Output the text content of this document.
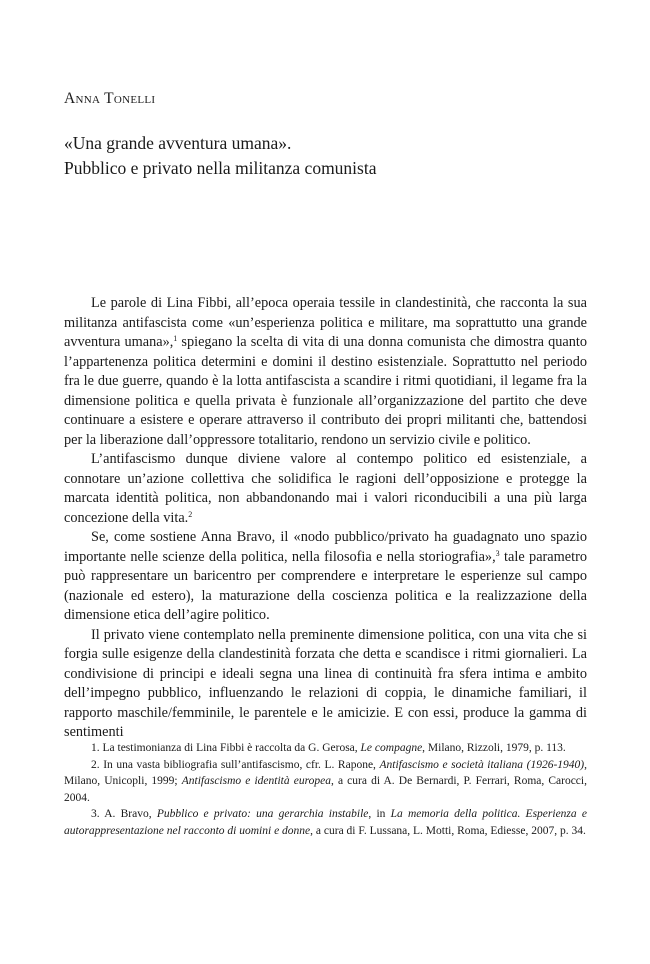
Anna Tonelli
«Una grande avventura umana».
Pubblico e privato nella militanza comunista

Le parole di Lina Fibbi, all’epoca operaia tessile in clandestinità, che racconta la sua militanza antifascista come «un’esperienza politica e militare, ma soprattutto una grande avventura umana»,$^1$ spiegano la scelta di vita di una donna comunista che dimostra quanto l’appartenenza politica determini e domini il destino esistenziale. Soprattutto nel periodo fra le due guerre, quando è la lotta antifascista a scandire i ritmi quotidiani, il legame fra la dimensione politica e quella privata è funzionale all’organizzazione del partito che deve continuare a esistere e operare attraverso il contributo dei propri militanti che, battendosi per la liberazione dall’oppressore totalitario, rendono un servizio civile e politico.

L’antifascismo dunque diviene valore al contempo politico ed esistenziale, a connotare un’azione collettiva che solidifica le ragioni dell’opposizione e protegge la marcata identità politica, non abbandonando mai i valori riconducibili a una più larga concezione della vita.$^2$

Se, come sostiene Anna Bravo, il «nodo pubblico/privato ha guadagnato uno spazio importante nelle scienze della politica, nella filosofia e nella storiografia»,$^3$ tale parametro può rappresentare un baricentro per comprendere e interpretare le esperienze sul campo (nazionale ed estero), la maturazione della coscienza politica e la realizzazione della dimensione etica dell’agire politico.

Il privato viene contemplato nella preminente dimensione politica, con una vita che si forgia sulle esigenze della clandestinità forzata che detta e scandisce i ritmi giornalieri. La condivisione di principi e ideali segna una linea di continuità fra sfera intima e ambito dell’impegno pubblico, influenzando le relazioni di coppia, le dinamiche familiari, il rapporto maschile/femminile, le parentele e le amicizie. E con essi, produce la gamma di sentimenti

1. La testimonianza di Lina Fibbi è raccolta da G. Gerosa, Le compagne, Milano, Rizzoli, 1979, p. 113.

2. In una vasta bibliografia sull’antifascismo, cfr. L. Rapone, Antifascismo e società italiana (1926-1940), Milano, Unicopli, 1999; Antifascismo e identità europea, a cura di A. De Bernardi, P. Ferrari, Roma, Carocci, 2004.

3. A. Bravo, Pubblico e privato: una gerarchia instabile, in La memoria della politica. Esperienza e autorappresentazione nel racconto di uomini e donne, a cura di F. Lussana, L. Motti, Roma, Ediesse, 2007, p. 34.
